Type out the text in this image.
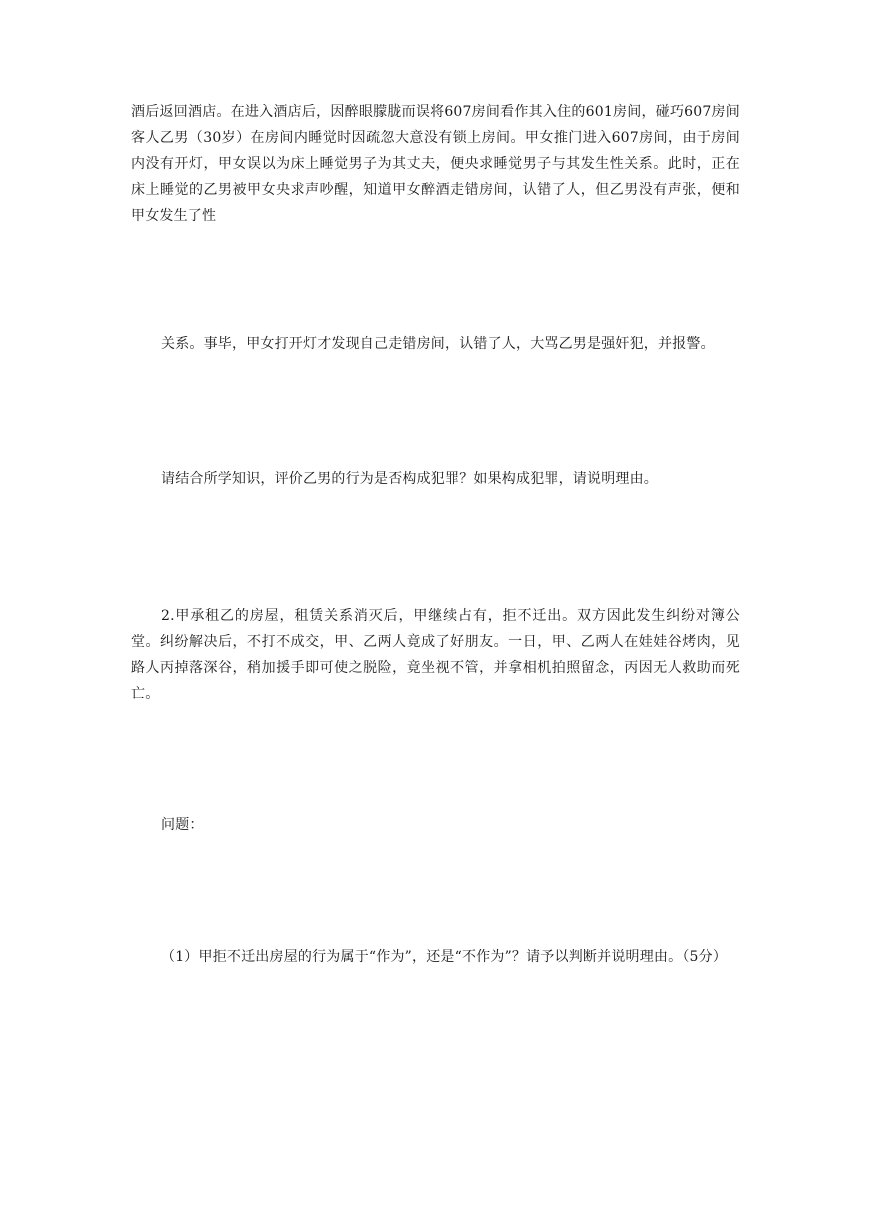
酒后返回酒店。在进入酒店后，因醉眼朦胧而误将607房间看作其入住的601房间，碰巧607房间客人乙男（30岁）在房间内睡觉时因疏忽大意没有锁上房间。甲女推门进入607房间，由于房间内没有开灯，甲女误以为床上睡觉男子为其丈夫，便央求睡觉男子与其发生性关系。此时，正在床上睡觉的乙男被甲女央求声吵醒，知道甲女醉酒走错房间，认错了人，但乙男没有声张，便和甲女发生了性

关系。事毕，甲女打开灯才发现自己走错房间，认错了人，大骂乙男是强奸犯，并报警。

请结合所学知识，评价乙男的行为是否构成犯罪？如果构成犯罪，请说明理由。

2.甲承租乙的房屋，租赁关系消灭后，甲继续占有，拒不迁出。双方因此发生纠纷对簿公堂。纠纷解决后，不打不成交，甲、乙两人竟成了好朋友。一日，甲、乙两人在娃娃谷烤肉，见路人丙掉落深谷，稍加援手即可使之脱险，竟坐视不管，并拿相机拍照留念，丙因无人救助而死亡。

问题：

（1）甲拒不迁出房屋的行为属于“作为”，还是“不作为”？请予以判断并说明理由。（5分）
